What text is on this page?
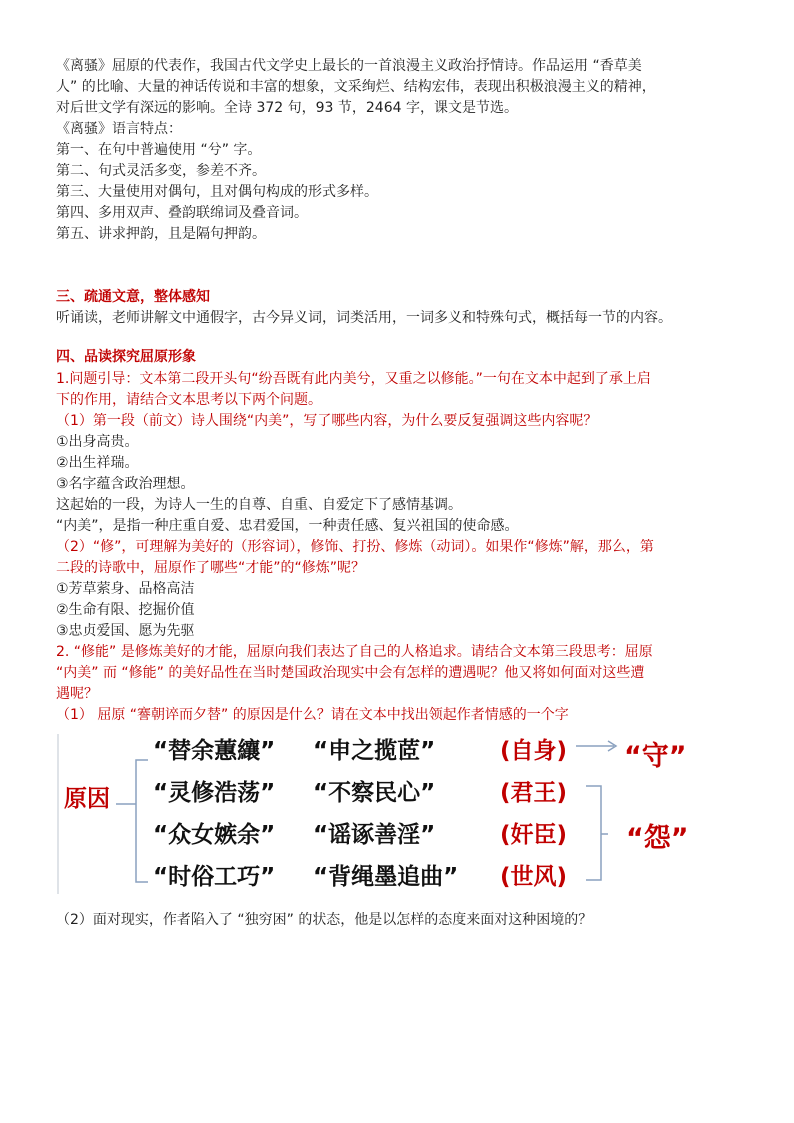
《离骚》屈原的代表作，我国古代文学史上最长的一首浪漫主义政治抒情诗。作品运用 “香草美
人” 的比喻、大量的神话传说和丰富的想象，文采绚烂、结构宏伟，表现出积极浪漫主义的精神，
对后世文学有深远的影响。全诗 372 句，93 节，2464 字，课文是节选。
《离骚》语言特点：
第一、在句中普遍使用 “兮” 字。
第二、句式灵活多变，参差不齐。
第三、大量使用对偶句，且对偶句构成的形式多样。
第四、多用双声、叠韵联绵词及叠音词。
第五、讲求押韵，且是隔句押韵。
三、疏通文意，整体感知
听诵读，老师讲解文中通假字，古今异义词，词类活用，一词多义和特殊句式，概括每一节的内容。
四、品读探究屈原形象
1.问题引导：文本第二段开头句“纷吾既有此内美兮，又重之以修能。”一句在文本中起到了承上启
下的作用，请结合文本思考以下两个问题。
（1）第一段（前文）诗人围绕“内美”，写了哪些内容，为什么要反复强调这些内容呢？
①出身高贵。
②出生祥瑞。
③名字蕴含政治理想。
这起始的一段，为诗人一生的自尊、自重、自爱定下了感情基调。
“内美”，是指一种庄重自爱、忠君爱国，一种责任感、复兴祖国的使命感。
（2）“修”，可理解为美好的（形容词），修饰、打扮、修炼（动词）。如果作“修炼”解，那么，第
二段的诗歌中，屈原作了哪些“才能”的“修炼”呢？
①芳草萦身、品格高洁
②生命有限、挖掘价值
③忠贞爱国、愿为先驱
2. “修能” 是修炼美好的才能，屈原向我们表达了自己的人格追求。请结合文本第三段思考：屈原
“内美” 而 “修能” 的美好品性在当时楚国政治现实中会有怎样的遭遇呢？他又将如何面对这些遭
遇呢？
（1） 屈原 “謇朝谇而夕替” 的原因是什么？请在文本中找出领起作者情感的一个字
原因
“替余蕙纕” “申之揽茝”	(自身)
“灵修浩荡” “不察民心”	(君王)
“众女嫉余” “谣诼善淫”	(奸臣)
“时俗工巧” “背绳墨追曲” (世风)
“守”
“怨”
（2）面对现实，作者陷入了 “独穷困” 的状态，他是以怎样的态度来面对这种困境的？
